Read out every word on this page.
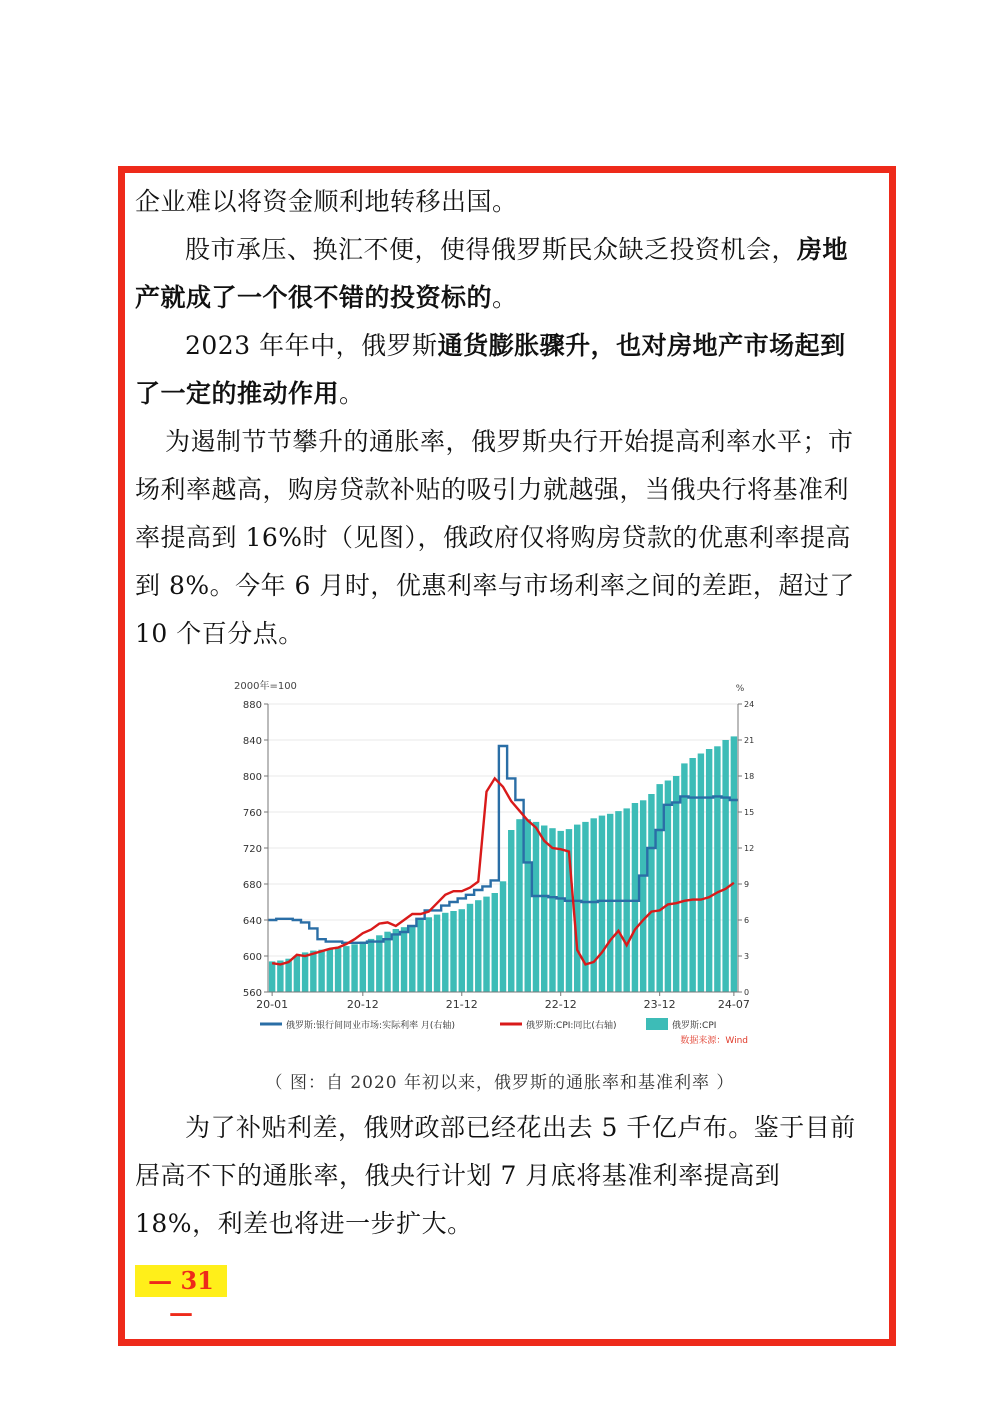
企业难以将资金顺利地转移出国。

股市承压、换汇不便，使得俄罗斯民众缺乏投资机会，房地产就成了一个很不错的投资标的。

2023 年年中，俄罗斯通货膨胀骤升，也对房地产市场起到了一定的推动作用。

为遏制节节攀升的通胀率，俄罗斯央行开始提高利率水平；市场利率越高，购房贷款补贴的吸引力就越强，当俄央行将基准利率提高到 16%时（见图），俄政府仅将购房贷款的优惠利率提高到 8%。今年 6 月时，优惠利率与市场利率之间的差距，超过了 10 个百分点。

2000年=100	%
880
840
800
760
720
680
640
600
560
24
21
18
15
12
9
6
3
0
20-01	20-12	21-12	22-12	23-12	24-07
俄罗斯:银行间同业市场:实际利率 月(右轴)	俄罗斯:CPI:同比(右轴)	俄罗斯:CPI
数据来源：Wind
（ 图：自 2020 年初以来，俄罗斯的通胀率和基准利率 ）

为了补贴利差，俄财政部已经花出去 5 千亿卢布。鉴于目前居高不下的通胀率，俄央行计划 7 月底将基准利率提高到 18%，利差也将进一步扩大。

— 31 —
